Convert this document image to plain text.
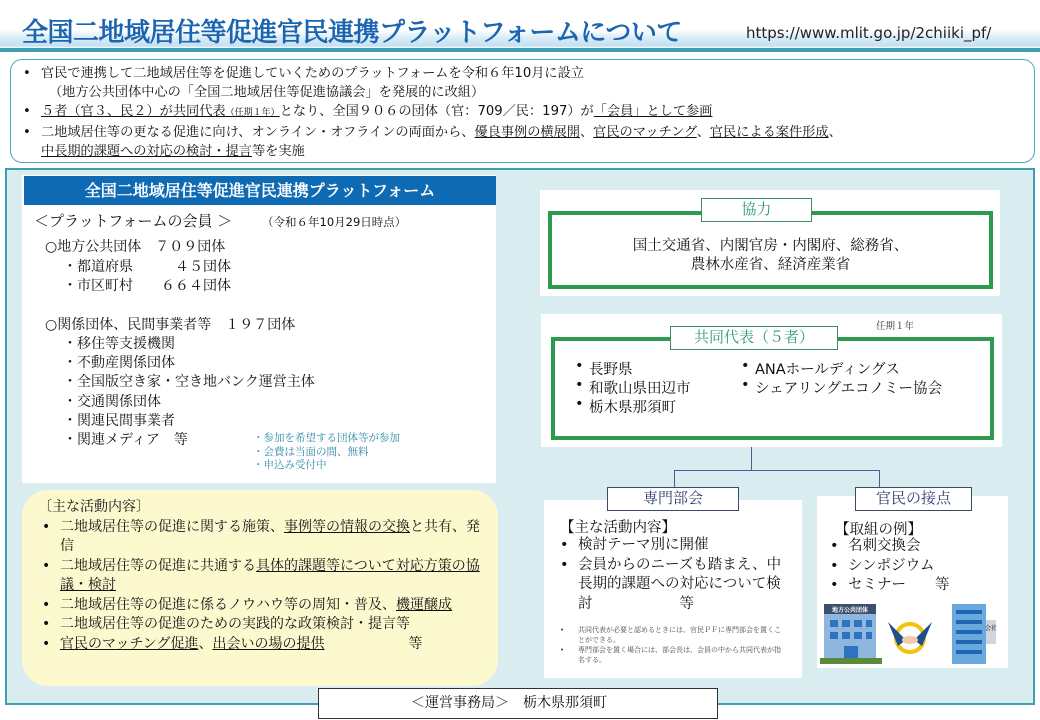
全国二地域居住等促進官民連携プラットフォームについて	https://www.mlit.go.jp/2chiiki_pf/
• 官民で連携して二地域居住等を促進していくためのプラットフォームを令和６年10月に設立
（地方公共団体中心の「全国二地域居住等促進協議会」を発展的に改組）
• ５者（官３、民２）が共同代表（任期１年）となり、全国９０６の団体（官：709／民：197）が「会員」として参画
• 二地域居住等の更なる促進に向け、オンライン・オフラインの両面から、優良事例の横展開、官民のマッチング、官民による案件形成、
中長期的課題への対応の検討・提言等を実施
全国二地域居住等促進官民連携プラットフォーム
＜プラットフォームの会員 ＞	（令和６年10月29日時点）
○地方公共団体　７０９団体
・都道府県　　　４５団体
・市区町村　　６６４団体
○関係団体、民間事業者等　１９７団体
・移住等支援機関
・不動産関係団体
・全国版空き家・空き地バンク運営主体
・交通関係団体
・関連民間事業者
・関連メディア　等	・参加を希望する団体等が参加
・会費は当面の間、無料
・申込み受付中
〔主な活動内容〕
• 二地域居住等の促進に関する施策、事例等の情報の交換と共有、発信
• 二地域居住等の促進に共通する具体的課題等について対応方策の協議・検討
• 二地域居住等の促進に係るノウハウ等の周知・普及、機運醸成
• 二地域居住等の促進のための実践的な政策検討・提言等
• 官民のマッチング促進、出会いの場の提供　　　　　　等
協力
国土交通省、内閣官房・内閣府、総務省、
農林水産省、経済産業省
共同代表（５者）
任期１年
• 長野県
• 和歌山県田辺市
• 栃木県那須町
• ANAホールディングス
• シェアリングエコノミー協会
専門部会
【主な活動内容】
• 検討テーマ別に開催
• 会員からのニーズも踏まえ、中長期的課題への対応について検討　　　　　　等
• 共同代表が必要と認めるときには、官民ＰＦに専門部会を置くことができる。
• 専門部会を置く場合には、部会長は、会員の中から共同代表が指名する。
官民の接点
【取組の例】
• 名刺交換会
• シンポジウム
• セミナー　　等
地方公共団体
会社
＜運営事務局＞　栃木県那須町
